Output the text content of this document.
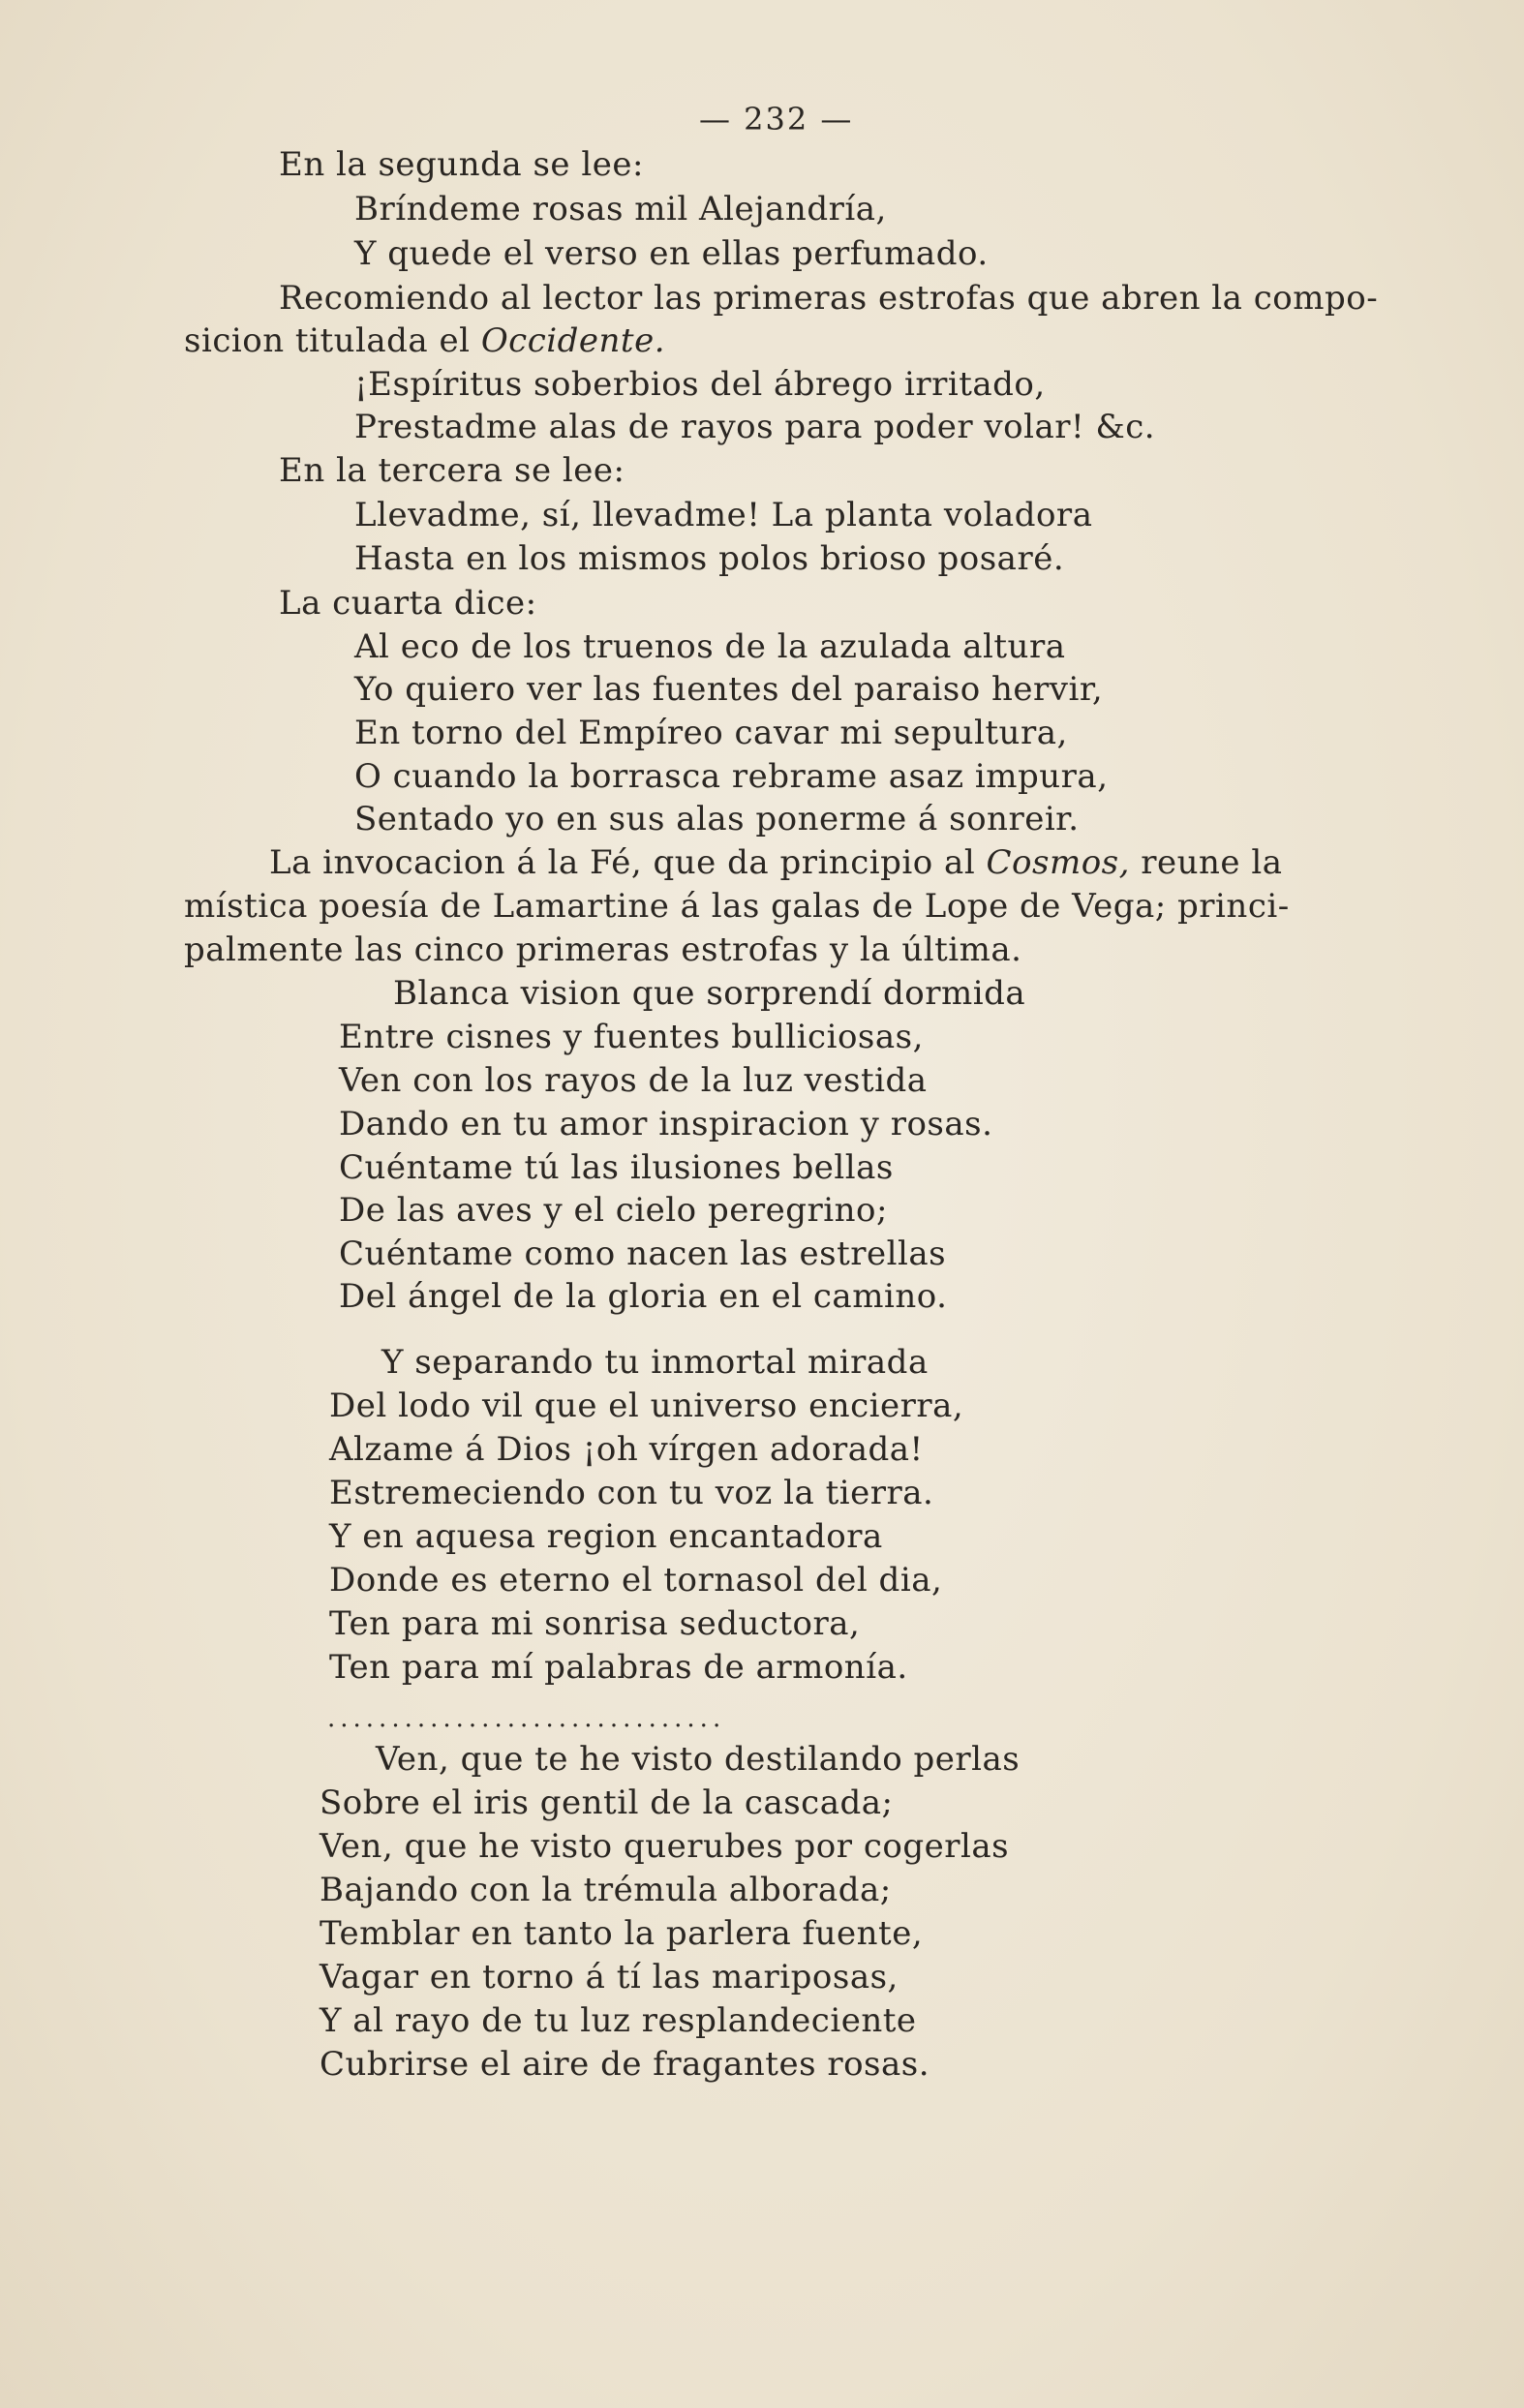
— 232 —
En la segunda se lee:
Bríndeme rosas mil Alejandría,
Y quede el verso en ellas perfumado.
Recomiendo al lector las primeras estrofas que abren la compo-
sicion titulada el Occidente.
¡Espíritus soberbios del ábrego irritado,
Prestadme alas de rayos para poder volar! &c.
En la tercera se lee:
Llevadme, sí, llevadme! La planta voladora
Hasta en los mismos polos brioso posaré.
La cuarta dice:
Al eco de los truenos de la azulada altura
Yo quiero ver las fuentes del paraiso hervir,
En torno del Empíreo cavar mi sepultura,
O cuando la borrasca rebrame asaz impura,
Sentado yo en sus alas ponerme á sonreir.
La invocacion á la Fé, que da principio al Cosmos, reune la
mística poesía de Lamartine á las galas de Lope de Vega; princi-
palmente las cinco primeras estrofas y la última.
Blanca vision que sorprendí dormida
Entre cisnes y fuentes bulliciosas,
Ven con los rayos de la luz vestida
Dando en tu amor inspiracion y rosas.
Cuéntame tú las ilusiones bellas
De las aves y el cielo peregrino;
Cuéntame como nacen las estrellas
Del ángel de la gloria en el camino.
Y separando tu inmortal mirada
Del lodo vil que el universo encierra,
Alzame á Dios ¡oh vírgen adorada!
Estremeciendo con tu voz la tierra.
Y en aquesa region encantadora
Donde es eterno el tornasol del dia,
Ten para mi sonrisa seductora,
Ten para mí palabras de armonía.
...............................
Ven, que te he visto destilando perlas
Sobre el iris gentil de la cascada;
Ven, que he visto querubes por cogerlas
Bajando con la trémula alborada;
Temblar en tanto la parlera fuente,
Vagar en torno á tí las mariposas,
Y al rayo de tu luz resplandeciente
Cubrirse el aire de fragantes rosas.
